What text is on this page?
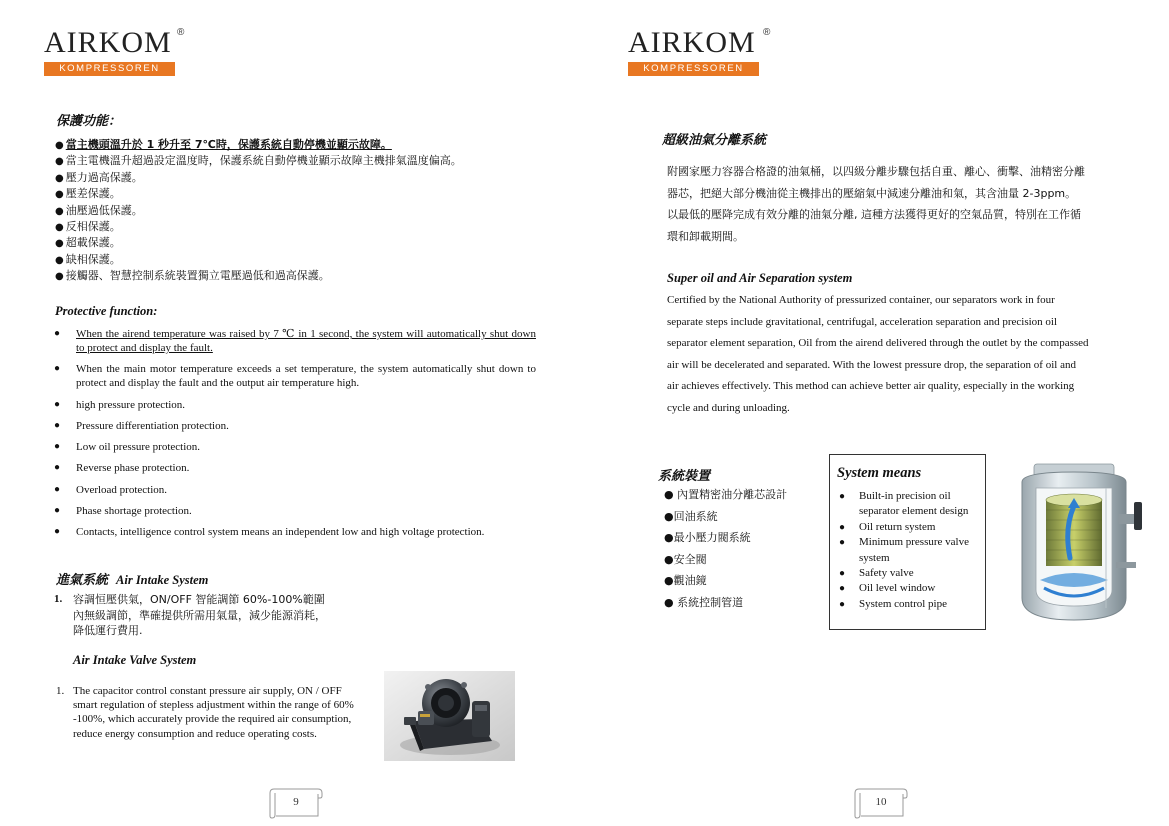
AIRKOM ®
KOMPRESSOREN
保護功能：
● 當主機頭溫升於 1 秒升至 7℃時，保護系統自動停機並顯示故障。
● 當主電機溫升超過設定溫度時，保護系統自動停機並顯示故障主機排氣溫度偏高。
● 壓力過高保護。
● 壓差保護。
● 油壓過低保護。
● 反相保護。
● 超載保護。
● 缺相保護。
● 接觸器、智慧控制系統裝置獨立電壓過低和過高保護。
Protective function:
● When the airend temperature was raised by 7 ℃ in 1 second, the system will automatically shut down to protect and display the fault.
● When the main motor temperature exceeds a set temperature, the system automatically shut down to protect and display the fault and the output air temperature high.
● high pressure protection.
● Pressure differentiation protection.
● Low oil pressure protection.
● Reverse phase protection.
● Overload protection.
● Phase shortage protection.
● Contacts, intelligence control system means an independent low and high voltage protection.
進氣系統 Air Intake System
1. 容調恒壓供氣，ON/OFF 智能調節 60%-100%範圍
內無級調節，準確提供所需用氣量，減少能源消耗，
降低運行費用.
Air Intake Valve System
1. The capacitor control constant pressure air supply, ON / OFF
smart regulation of stepless adjustment within the range of 60%
-100%, which accurately provide the required air consumption,
reduce energy consumption and reduce operating costs.
9
AIRKOM ®
KOMPRESSOREN
超級油氣分離系統
附國家壓力容器合格證的油氣桶，以四級分離步驟包括自重、離心、衝擊、油精密分離
器芯，把絕大部分機油從主機排出的壓縮氣中減速分離油和氣，其含油量 2-3ppm。
以最低的壓降完成有效分離的油氣分離, 這種方法獲得更好的空氣品質，特別在工作循
環和卸載期間。
Super oil and Air Separation system
Certified by the National Authority of pressurized container, our separators work in four
separate steps include gravitational, centrifugal, acceleration separation and precision oil
separator element separation, Oil from the airend delivered through the outlet by the compassed
air will be decelerated and separated. With the lowest pressure drop, the separation of oil and
air achieves effectively. This method can achieve better air quality, especially in the working
cycle and during unloading.
系統裝置
● 內置精密油分離芯設計
●回油系統
●最小壓力閥系統
●安全閥
●觀油鏡
● 系統控制管道
System means
● Built-in precision oil separator element design
● Oil return system
● Minimum pressure valve system
● Safety valve
● Oil level window
● System control pipe
10
